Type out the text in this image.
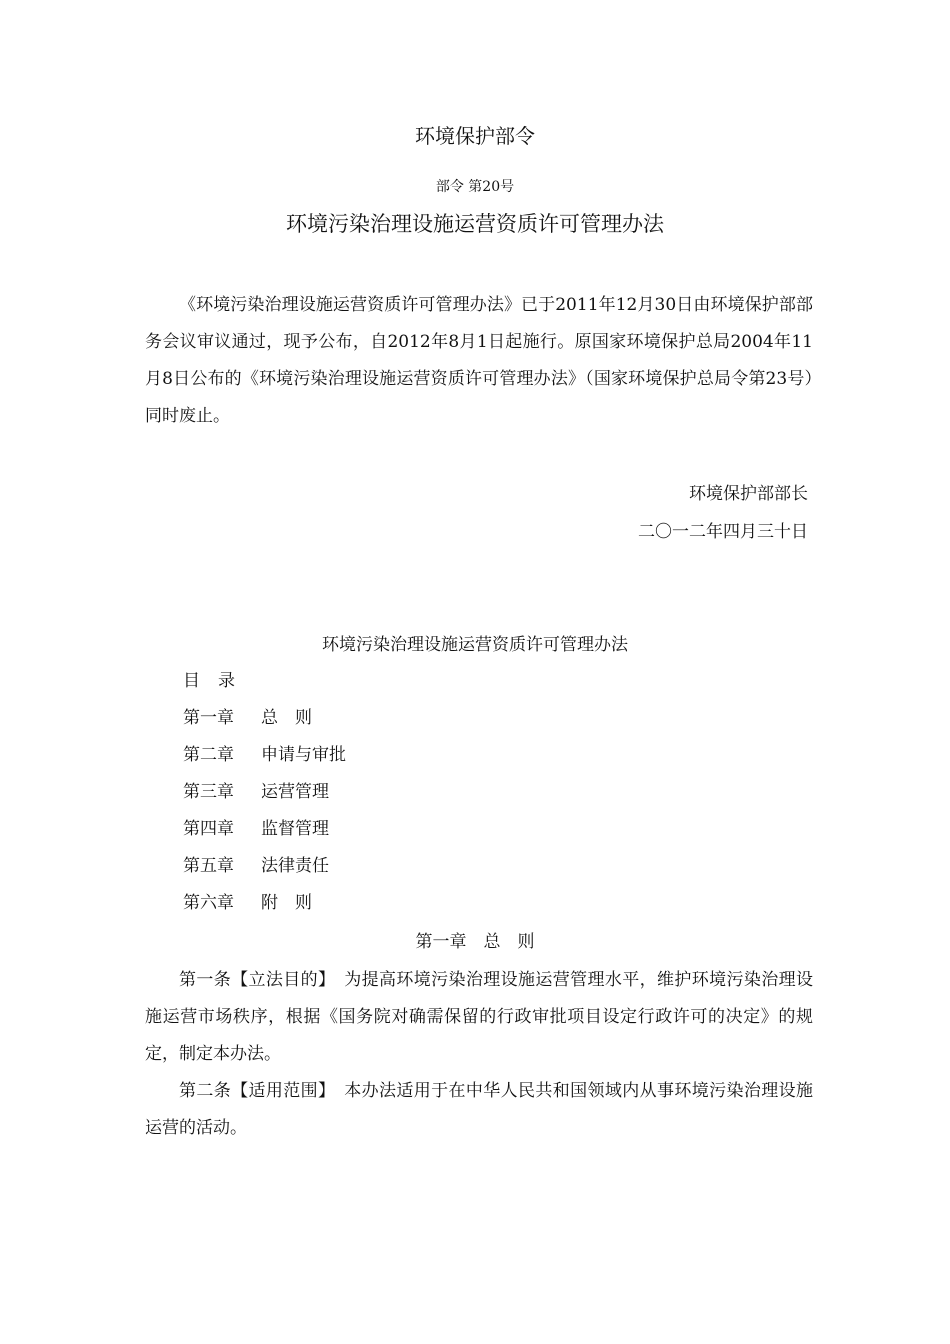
环境保护部令
部令 第20号
环境污染治理设施运营资质许可管理办法
《环境污染治理设施运营资质许可管理办法》已于2011年12月30日由环境保护部部务会议审议通过，现予公布，自2012年8月1日起施行。原国家环境保护总局2004年11月8日公布的《环境污染治理设施运营资质许可管理办法》（国家环境保护总局令第23号）同时废止。
环境保护部部长
二〇一二年四月三十日
环境污染治理设施运营资质许可管理办法
目录
第一章 总　则
第二章 申请与审批
第三章 运营管理
第四章 监督管理
第五章 法律责任
第六章 附　则
第一章　总　则
第一条【立法目的】　为提高环境污染治理设施运营管理水平，维护环境污染治理设施运营市场秩序，根据《国务院对确需保留的行政审批项目设定行政许可的决定》的规定，制定本办法。
第二条【适用范围】　本办法适用于在中华人民共和国领域内从事环境污染治理设施运营的活动。
